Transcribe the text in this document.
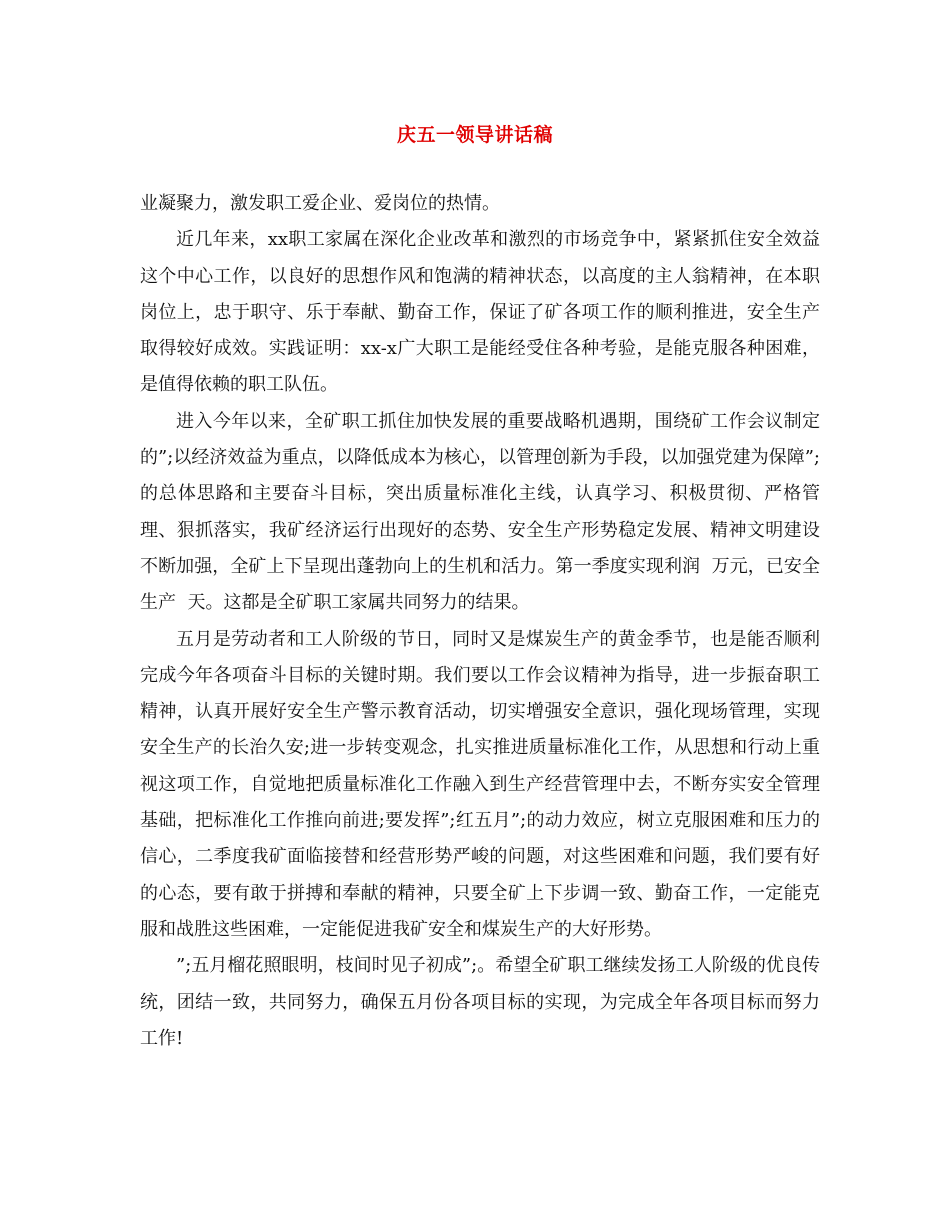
庆五一领导讲话稿

业凝聚力，激发职工爱企业、爱岗位的热情。

近几年来，xx职工家属在深化企业改革和激烈的市场竞争中，紧紧抓住安全效益这个中心工作，以良好的思想作风和饱满的精神状态，以高度的主人翁精神，在本职岗位上，忠于职守、乐于奉献、勤奋工作，保证了矿各项工作的顺利推进，安全生产取得较好成效。实践证明：xx-x广大职工是能经受住各种考验，是能克服各种困难，是值得依赖的职工队伍。

进入今年以来，全矿职工抓住加快发展的重要战略机遇期，围绕矿工作会议制定的”;以经济效益为重点，以降低成本为核心，以管理创新为手段，以加强党建为保障”;的总体思路和主要奋斗目标，突出质量标准化主线，认真学习、积极贯彻、严格管理、狠抓落实，我矿经济运行出现好的态势、安全生产形势稳定发展、精神文明建设不断加强，全矿上下呈现出蓬勃向上的生机和活力。第一季度实现利润  万元，已安全生产  天。这都是全矿职工家属共同努力的结果。

五月是劳动者和工人阶级的节日，同时又是煤炭生产的黄金季节，也是能否顺利完成今年各项奋斗目标的关键时期。我们要以工作会议精神为指导，进一步振奋职工精神，认真开展好安全生产警示教育活动，切实增强安全意识，强化现场管理，实现安全生产的长治久安;进一步转变观念，扎实推进质量标准化工作，从思想和行动上重视这项工作，自觉地把质量标准化工作融入到生产经营管理中去，不断夯实安全管理基础，把标准化工作推向前进;要发挥”;红五月”;的动力效应，树立克服困难和压力的信心，二季度我矿面临接替和经营形势严峻的问题，对这些困难和问题，我们要有好的心态，要有敢于拼搏和奉献的精神，只要全矿上下步调一致、勤奋工作，一定能克服和战胜这些困难，一定能促进我矿安全和煤炭生产的大好形势。

”;五月榴花照眼明，枝间时见子初成”;。希望全矿职工继续发扬工人阶级的优良传统，团结一致，共同努力，确保五月份各项目标的实现，为完成全年各项目标而努力工作!
